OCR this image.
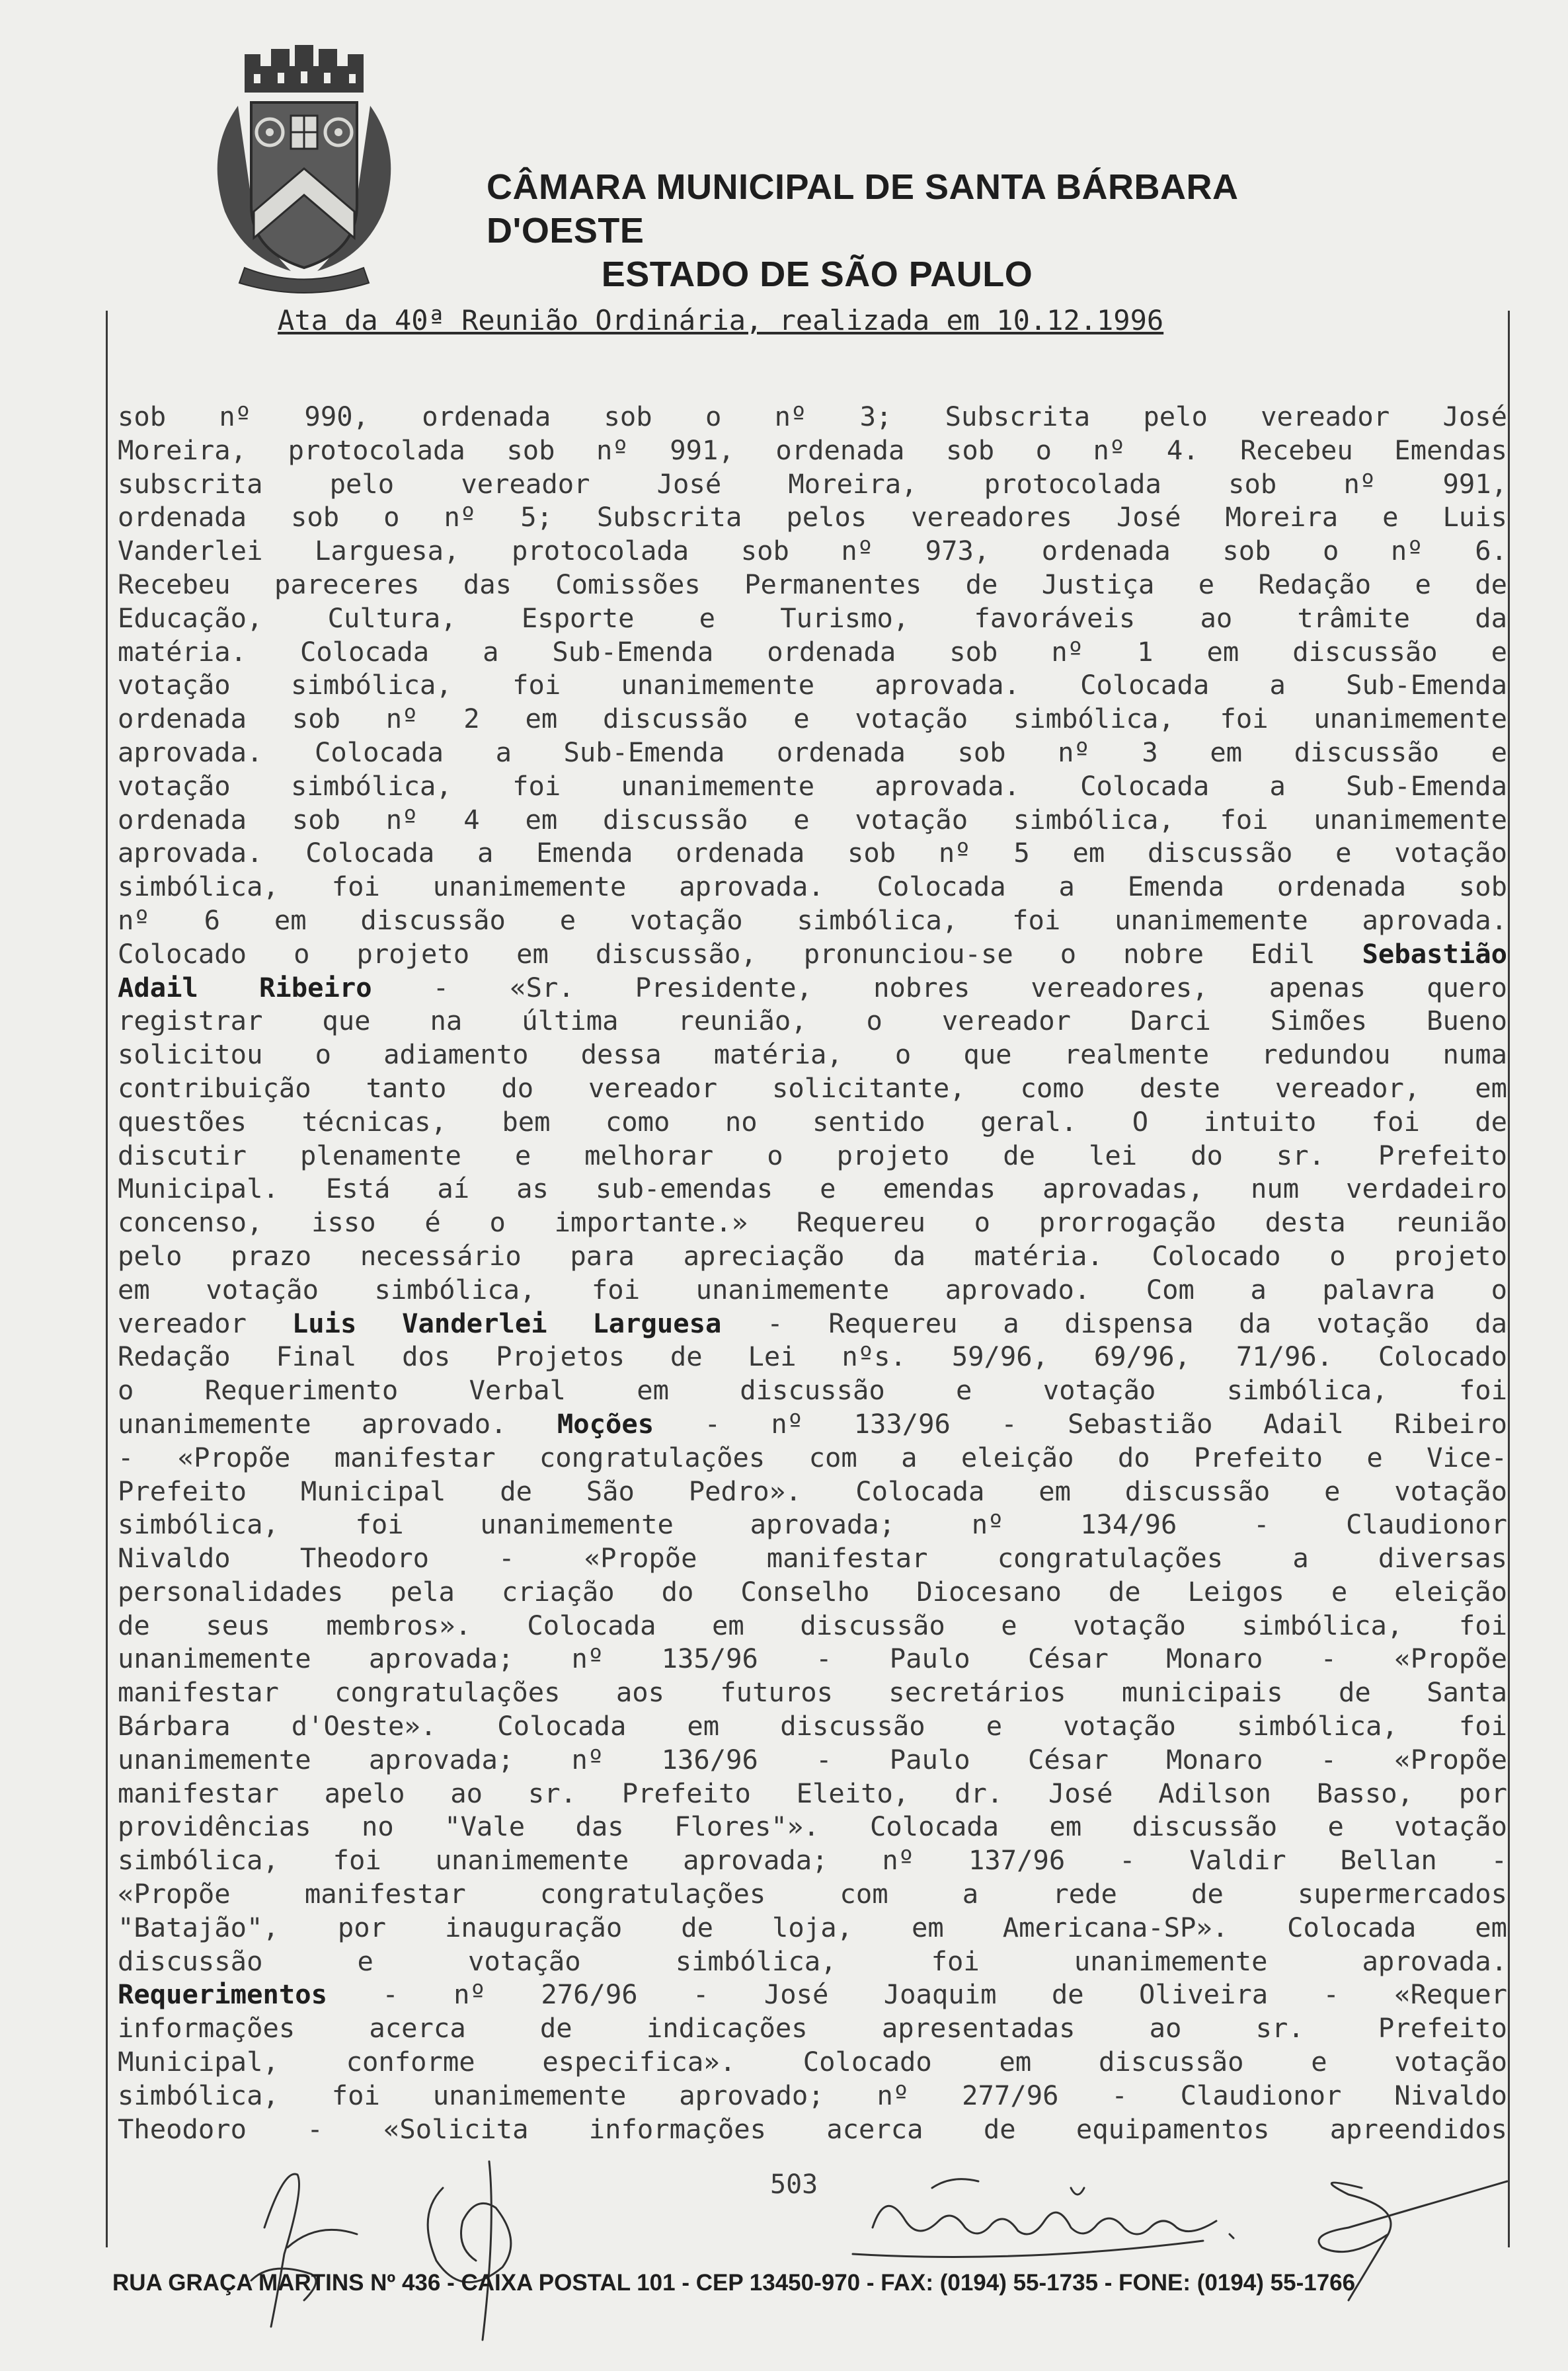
CÂMARA MUNICIPAL DE SANTA BÁRBARA D'OESTE
ESTADO DE SÃO PAULO
Ata da 40ª Reunião Ordinária, realizada em 10.12.1996
sob nº 990, ordenada sob o nº 3; Subscrita pelo vereador José
Moreira, protocolada sob nº 991, ordenada sob o nº 4. Recebeu Emendas
subscrita pelo vereador José Moreira, protocolada sob nº 991,
ordenada sob o nº 5; Subscrita pelos vereadores José Moreira e Luis
Vanderlei Larguesa, protocolada sob nº 973, ordenada sob o nº 6.
Recebeu pareceres das Comissões Permanentes de Justiça e Redação e de
Educação, Cultura, Esporte e Turismo, favoráveis ao trâmite da
matéria. Colocada a Sub-Emenda ordenada sob nº 1 em discussão e
votação simbólica, foi unanimemente aprovada. Colocada a Sub-Emenda
ordenada sob nº 2 em discussão e votação simbólica, foi unanimemente
aprovada. Colocada a Sub-Emenda ordenada sob nº 3 em discussão e
votação simbólica, foi unanimemente aprovada. Colocada a Sub-Emenda
ordenada sob nº 4 em discussão e votação simbólica, foi unanimemente
aprovada. Colocada a Emenda ordenada sob nº 5 em discussão e votação
simbólica, foi unanimemente aprovada. Colocada a Emenda ordenada sob
nº 6 em discussão e votação simbólica, foi unanimemente aprovada.
Colocado o projeto em discussão, pronunciou-se o nobre Edil Sebastião
Adail Ribeiro - «Sr. Presidente, nobres vereadores, apenas quero
registrar que na última reunião, o vereador Darci Simões Bueno
solicitou o adiamento dessa matéria, o que realmente redundou numa
contribuição tanto do vereador solicitante, como deste vereador, em
questões técnicas, bem como no sentido geral. O intuito foi de
discutir plenamente e melhorar o projeto de lei do sr. Prefeito
Municipal. Está aí as sub-emendas e emendas aprovadas, num verdadeiro
concenso, isso é o importante.» Requereu o prorrogação desta reunião
pelo prazo necessário para apreciação da matéria. Colocado o projeto
em votação simbólica, foi unanimemente aprovado. Com a palavra o
vereador Luis Vanderlei Larguesa - Requereu a dispensa da votação da
Redação Final dos Projetos de Lei nºs. 59/96, 69/96, 71/96. Colocado
o Requerimento Verbal em discussão e votação simbólica, foi
unanimemente aprovado. Moções - nº 133/96 - Sebastião Adail Ribeiro
- «Propõe manifestar congratulações com a eleição do Prefeito e Vice-
Prefeito Municipal de São Pedro». Colocada em discussão e votação
simbólica, foi unanimemente aprovada; nº 134/96 - Claudionor
Nivaldo Theodoro - «Propõe manifestar congratulações a diversas
personalidades pela criação do Conselho Diocesano de Leigos e eleição
de seus membros». Colocada em discussão e votação simbólica, foi
unanimemente aprovada; nº 135/96 - Paulo César Monaro - «Propõe
manifestar congratulações aos futuros secretários municipais de Santa
Bárbara d'Oeste». Colocada em discussão e votação simbólica, foi
unanimemente aprovada; nº 136/96 - Paulo César Monaro - «Propõe
manifestar apelo ao sr. Prefeito Eleito, dr. José Adilson Basso, por
providências no "Vale das Flores"». Colocada em discussão e votação
simbólica, foi unanimemente aprovada; nº 137/96 - Valdir Bellan -
«Propõe manifestar congratulações com a rede de supermercados
"Batajão", por inauguração de loja, em Americana-SP». Colocada em
discussão e votação simbólica, foi unanimemente aprovada.
Requerimentos - nº 276/96 - José Joaquim de Oliveira - «Requer
informações acerca de indicações apresentadas ao sr. Prefeito
Municipal, conforme especifica». Colocado em discussão e votação
simbólica, foi unanimemente aprovado; nº 277/96 - Claudionor Nivaldo
Theodoro - «Solicita informações acerca de equipamentos apreendidos
503
RUA GRAÇA MARTINS Nº 436 - CAIXA POSTAL 101 - CEP 13450-970 - FAX: (0194) 55-1735 - FONE: (0194) 55-1766
